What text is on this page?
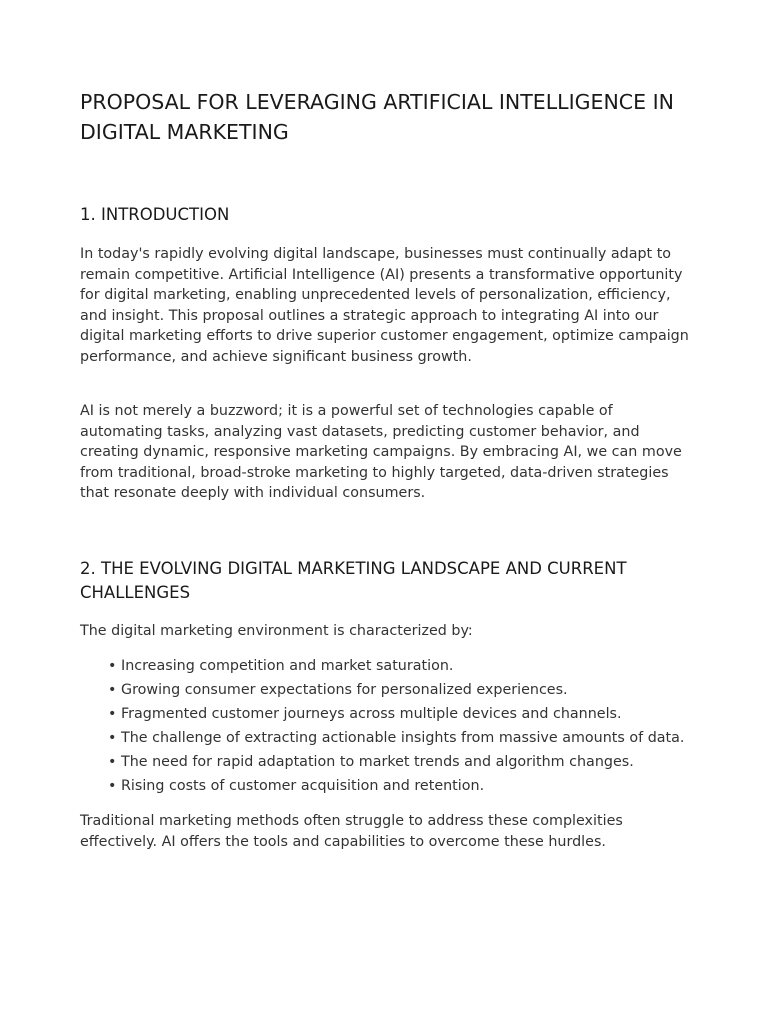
PROPOSAL FOR LEVERAGING ARTIFICIAL INTELLIGENCE IN DIGITAL MARKETING
1. INTRODUCTION

In today's rapidly evolving digital landscape, businesses must continually adapt to remain competitive. Artificial Intelligence (AI) presents a transformative opportunity for digital marketing, enabling unprecedented levels of personalization, efficiency, and insight. This proposal outlines a strategic approach to integrating AI into our digital marketing efforts to drive superior customer engagement, optimize campaign performance, and achieve significant business growth.

AI is not merely a buzzword; it is a powerful set of technologies capable of automating tasks, analyzing vast datasets, predicting customer behavior, and creating dynamic, responsive marketing campaigns. By embracing AI, we can move from traditional, broad-stroke marketing to highly targeted, data-driven strategies that resonate deeply with individual consumers.

2. THE EVOLVING DIGITAL MARKETING LANDSCAPE AND CURRENT CHALLENGES

The digital marketing environment is characterized by:

• Increasing competition and market saturation.
• Growing consumer expectations for personalized experiences.
• Fragmented customer journeys across multiple devices and channels.
• The challenge of extracting actionable insights from massive amounts of data.
• The need for rapid adaptation to market trends and algorithm changes.
• Rising costs of customer acquisition and retention.

Traditional marketing methods often struggle to address these complexities effectively. AI offers the tools and capabilities to overcome these hurdles.
